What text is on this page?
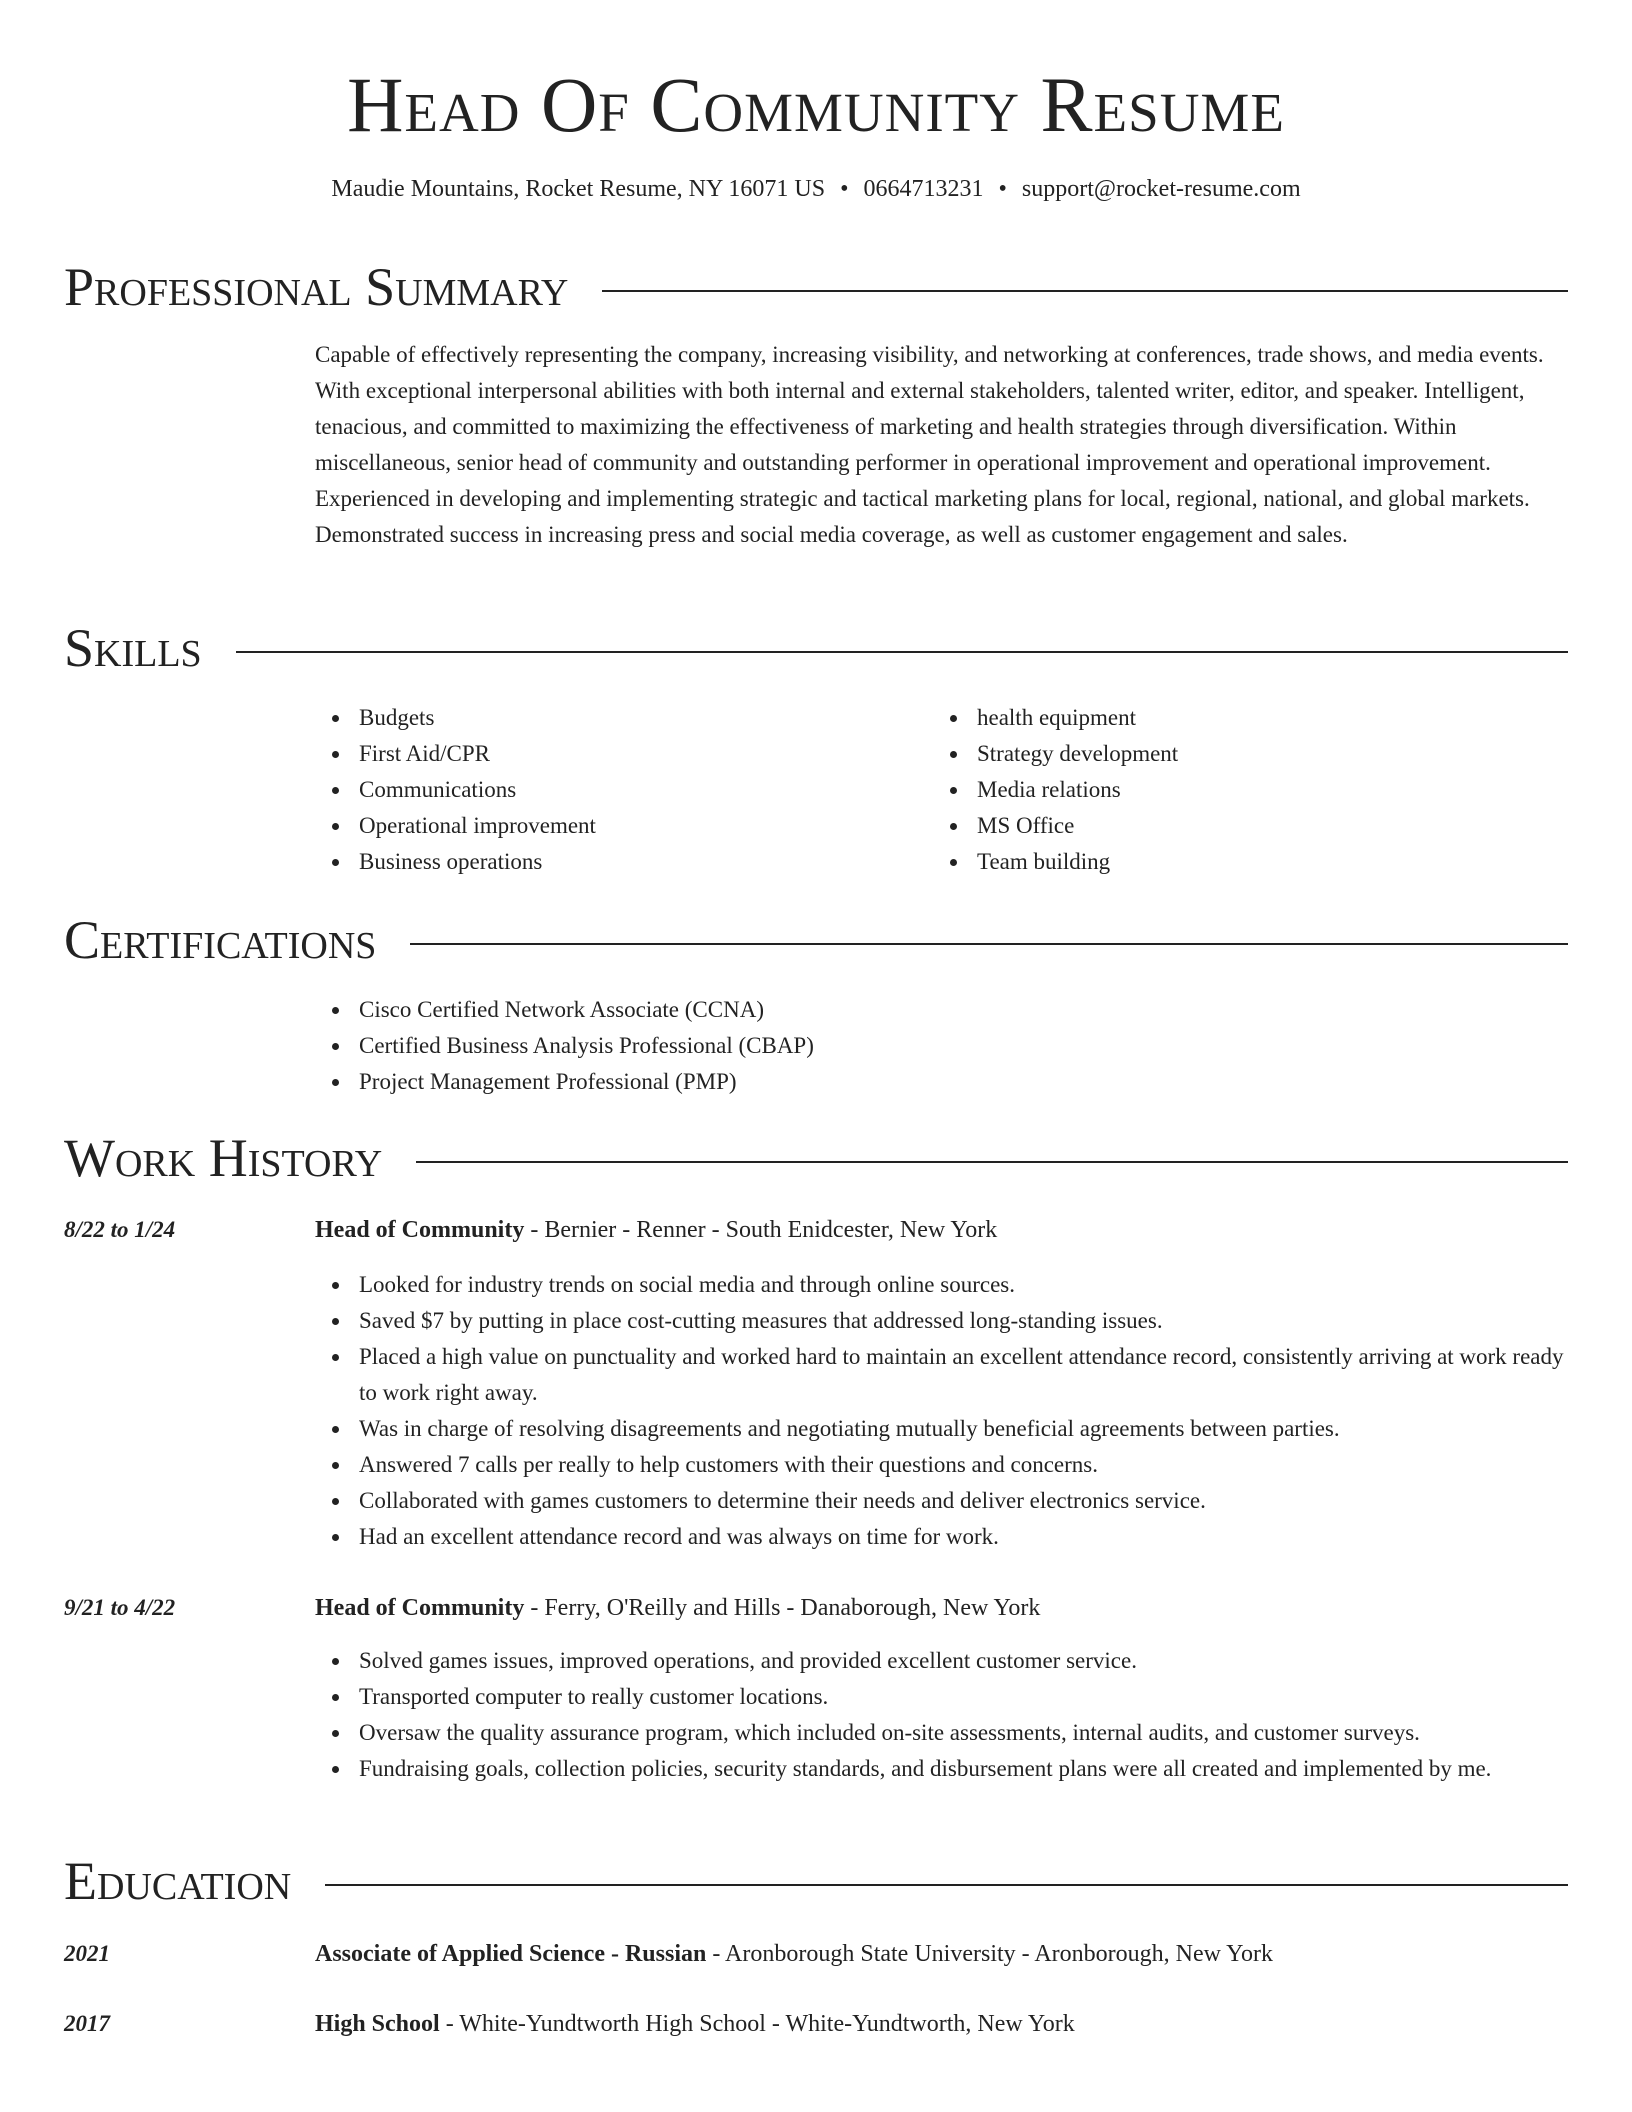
Head Of Community Resume
Maudie Mountains, Rocket Resume, NY 16071 US • 0664713231 • support@rocket-resume.com
Professional Summary
Capable of effectively representing the company, increasing visibility, and networking at conferences, trade shows, and media events. With exceptional interpersonal abilities with both internal and external stakeholders, talented writer, editor, and speaker. Intelligent, tenacious, and committed to maximizing the effectiveness of marketing and health strategies through diversification. Within miscellaneous, senior head of community and outstanding performer in operational improvement and operational improvement. Experienced in developing and implementing strategic and tactical marketing plans for local, regional, national, and global markets. Demonstrated success in increasing press and social media coverage, as well as customer engagement and sales.
Skills
Budgets
First Aid/CPR
Communications
Operational improvement
Business operations
health equipment
Strategy development
Media relations
MS Office
Team building
Certifications
Cisco Certified Network Associate (CCNA)
Certified Business Analysis Professional (CBAP)
Project Management Professional (PMP)
Work History
8/22 to 1/24	Head of Community - Bernier - Renner - South Enidcester, New York
Looked for industry trends on social media and through online sources.
Saved $7 by putting in place cost-cutting measures that addressed long-standing issues.
Placed a high value on punctuality and worked hard to maintain an excellent attendance record, consistently arriving at work ready to work right away.
Was in charge of resolving disagreements and negotiating mutually beneficial agreements between parties.
Answered 7 calls per really to help customers with their questions and concerns.
Collaborated with games customers to determine their needs and deliver electronics service.
Had an excellent attendance record and was always on time for work.
9/21 to 4/22	Head of Community - Ferry, O'Reilly and Hills - Danaborough, New York
Solved games issues, improved operations, and provided excellent customer service.
Transported computer to really customer locations.
Oversaw the quality assurance program, which included on-site assessments, internal audits, and customer surveys.
Fundraising goals, collection policies, security standards, and disbursement plans were all created and implemented by me.
Education
2021	Associate of Applied Science - Russian - Aronborough State University - Aronborough, New York
2017	High School - White-Yundtworth High School - White-Yundtworth, New York
